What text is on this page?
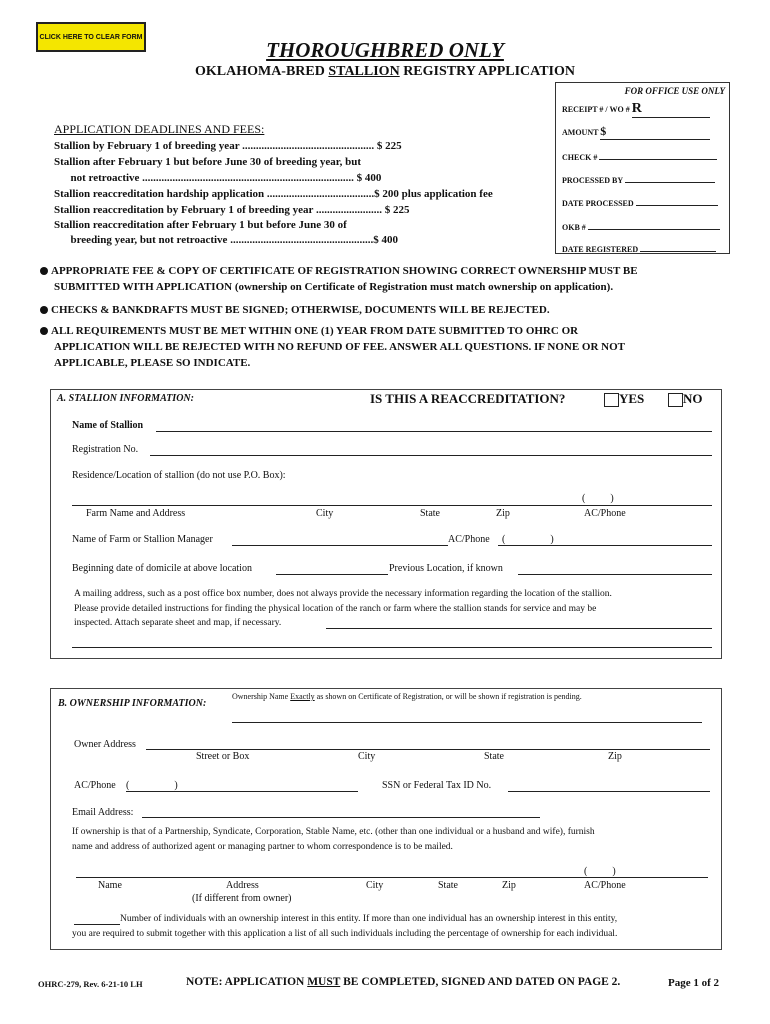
CLICK HERE TO CLEAR FORM
THOROUGHBRED ONLY
OKLAHOMA-BRED STALLION REGISTRY APPLICATION
FOR OFFICE USE ONLY
RECEIPT # / WO # R
AMOUNT $
CHECK #
PROCESSED BY
DATE PROCESSED
OKB #
DATE REGISTERED
APPLICATION DEADLINES AND FEES:
Stallion by February 1 of breeding year ................................................ $ 225
Stallion after February 1 but before June 30 of breeding year, but
not retroactive ............................................................................. $ 400
Stallion reaccreditation hardship application .......................................$ 200 plus application fee
Stallion reaccreditation by February 1 of breeding year ........................ $ 225
Stallion reaccreditation after February 1 but before June 30 of
breeding year, but not retroactive ....................................................$ 400
APPROPRIATE FEE & COPY OF CERTIFICATE OF REGISTRATION SHOWING CORRECT OWNERSHIP MUST BE
SUBMITTED WITH APPLICATION (ownership on Certificate of Registration must match ownership on application).
CHECKS & BANKDRAFTS MUST BE SIGNED; OTHERWISE, DOCUMENTS WILL BE REJECTED.
ALL REQUIREMENTS MUST BE MET WITHIN ONE (1) YEAR FROM DATE SUBMITTED TO OHRC OR
APPLICATION WILL BE REJECTED WITH NO REFUND OF FEE. ANSWER ALL QUESTIONS. IF NONE OR NOT
APPLICABLE, PLEASE SO INDICATE.
A. STALLION INFORMATION:	IS THIS A REACCREDITATION?	YES	NO
Name of Stallion
Registration No.
Residence/Location of stallion (do not use P.O. Box):
(          )
Farm Name and Address	City	State	Zip	AC/Phone
Name of Farm or Stallion Manager	AC/Phone (                  )
Beginning date of domicile at above location	Previous Location, if known
A mailing address, such as a post office box number, does not always provide the necessary information regarding the location of the stallion.
Please provide detailed instructions for finding the physical location of the ranch or farm where the stallion stands for service and may be
inspected. Attach separate sheet and map, if necessary.
B. OWNERSHIP INFORMATION:
Ownership Name Exactly as shown on Certificate of Registration, or will be shown if registration is pending.
Owner Address
Street or Box	City	State	Zip
AC/Phone (                  )	SSN or Federal Tax ID No.
Email Address:
If ownership is that of a Partnership, Syndicate, Corporation, Stable Name, etc. (other than one individual or a husband and wife), furnish
name and address of authorized agent or managing partner to whom correspondence is to be mailed.
(          )
Name	Address
(If different from owner)
City	State	Zip	AC/Phone
Number of individuals with an ownership interest in this entity. If more than one individual has an ownership interest in this entity,
you are required to submit together with this application a list of all such individuals including the percentage of ownership for each individual.
OHRC-279, Rev. 6-21-10 LH	NOTE: APPLICATION MUST BE COMPLETED, SIGNED AND DATED ON PAGE 2.	Page 1 of 2
